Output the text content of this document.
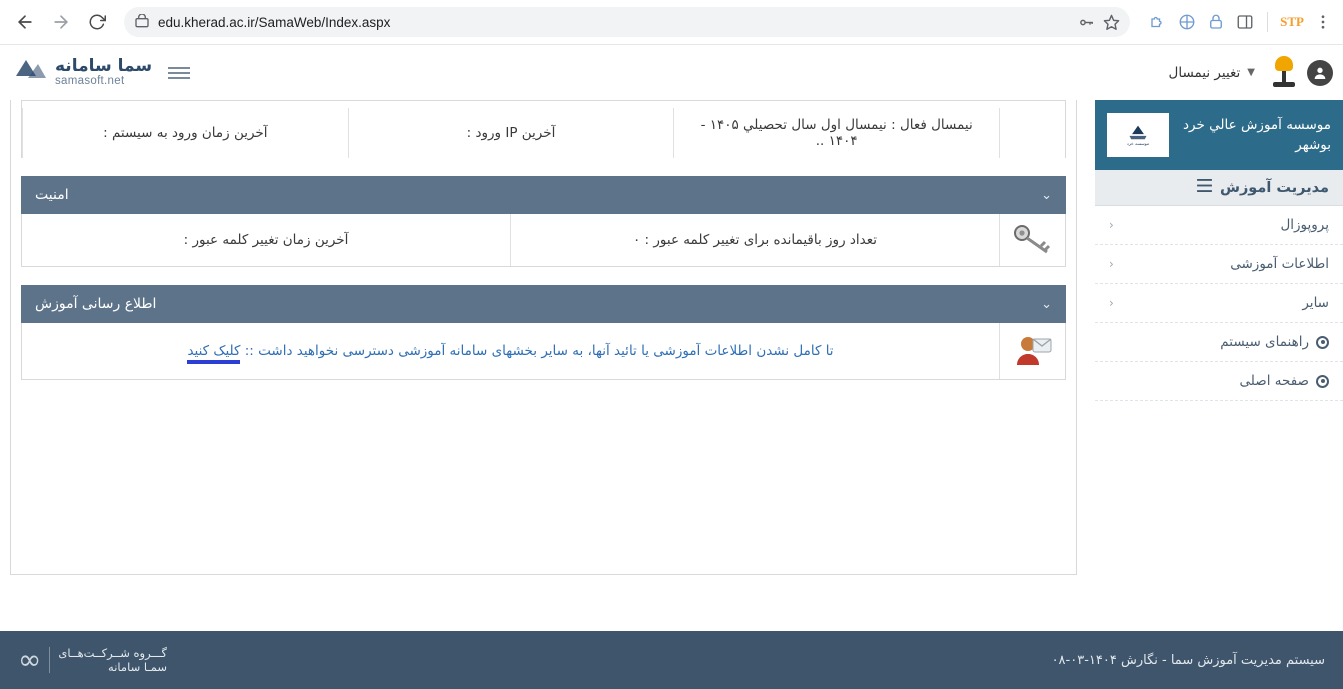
edu.kherad.ac.ir/SamaWeb/Index.aspx	STP
▼
تغییر نیمسال
سما سامانه
samasoft.net
موسسه آموزش عالي خرد بوشهر
موسسه خرد
مدیریت آموزش
پروپوزال
‹
اطلاعات آموزشی
‹
سایر
‹
راهنمای سیستم
صفحه اصلی
نیمسال فعال : نیمسال اول سال تحصیلي ۱۴۰۵ - ۱۴۰۴ ..
آخرین IP ورود :
آخرین زمان ورود به سیستم :
⌄
امنیت
تعداد روز باقیمانده برای تغییر کلمه عبور : ٠
آخرین زمان تغییر کلمه عبور :
⌄
اطلاع رسانی آموزش
تا کامل نشدن اطلاعات آموزشی یا تائید آنها، به سایر بخشهای سامانه آموزشی دسترسی نخواهید داشت :: کلیک کنید
سیستم مدیریت آموزش سما - نگارش ۱۴۰۴-۰۳-۰۸
∞ گـــروه شــرکــت‌هــای
سمـا سامانه
